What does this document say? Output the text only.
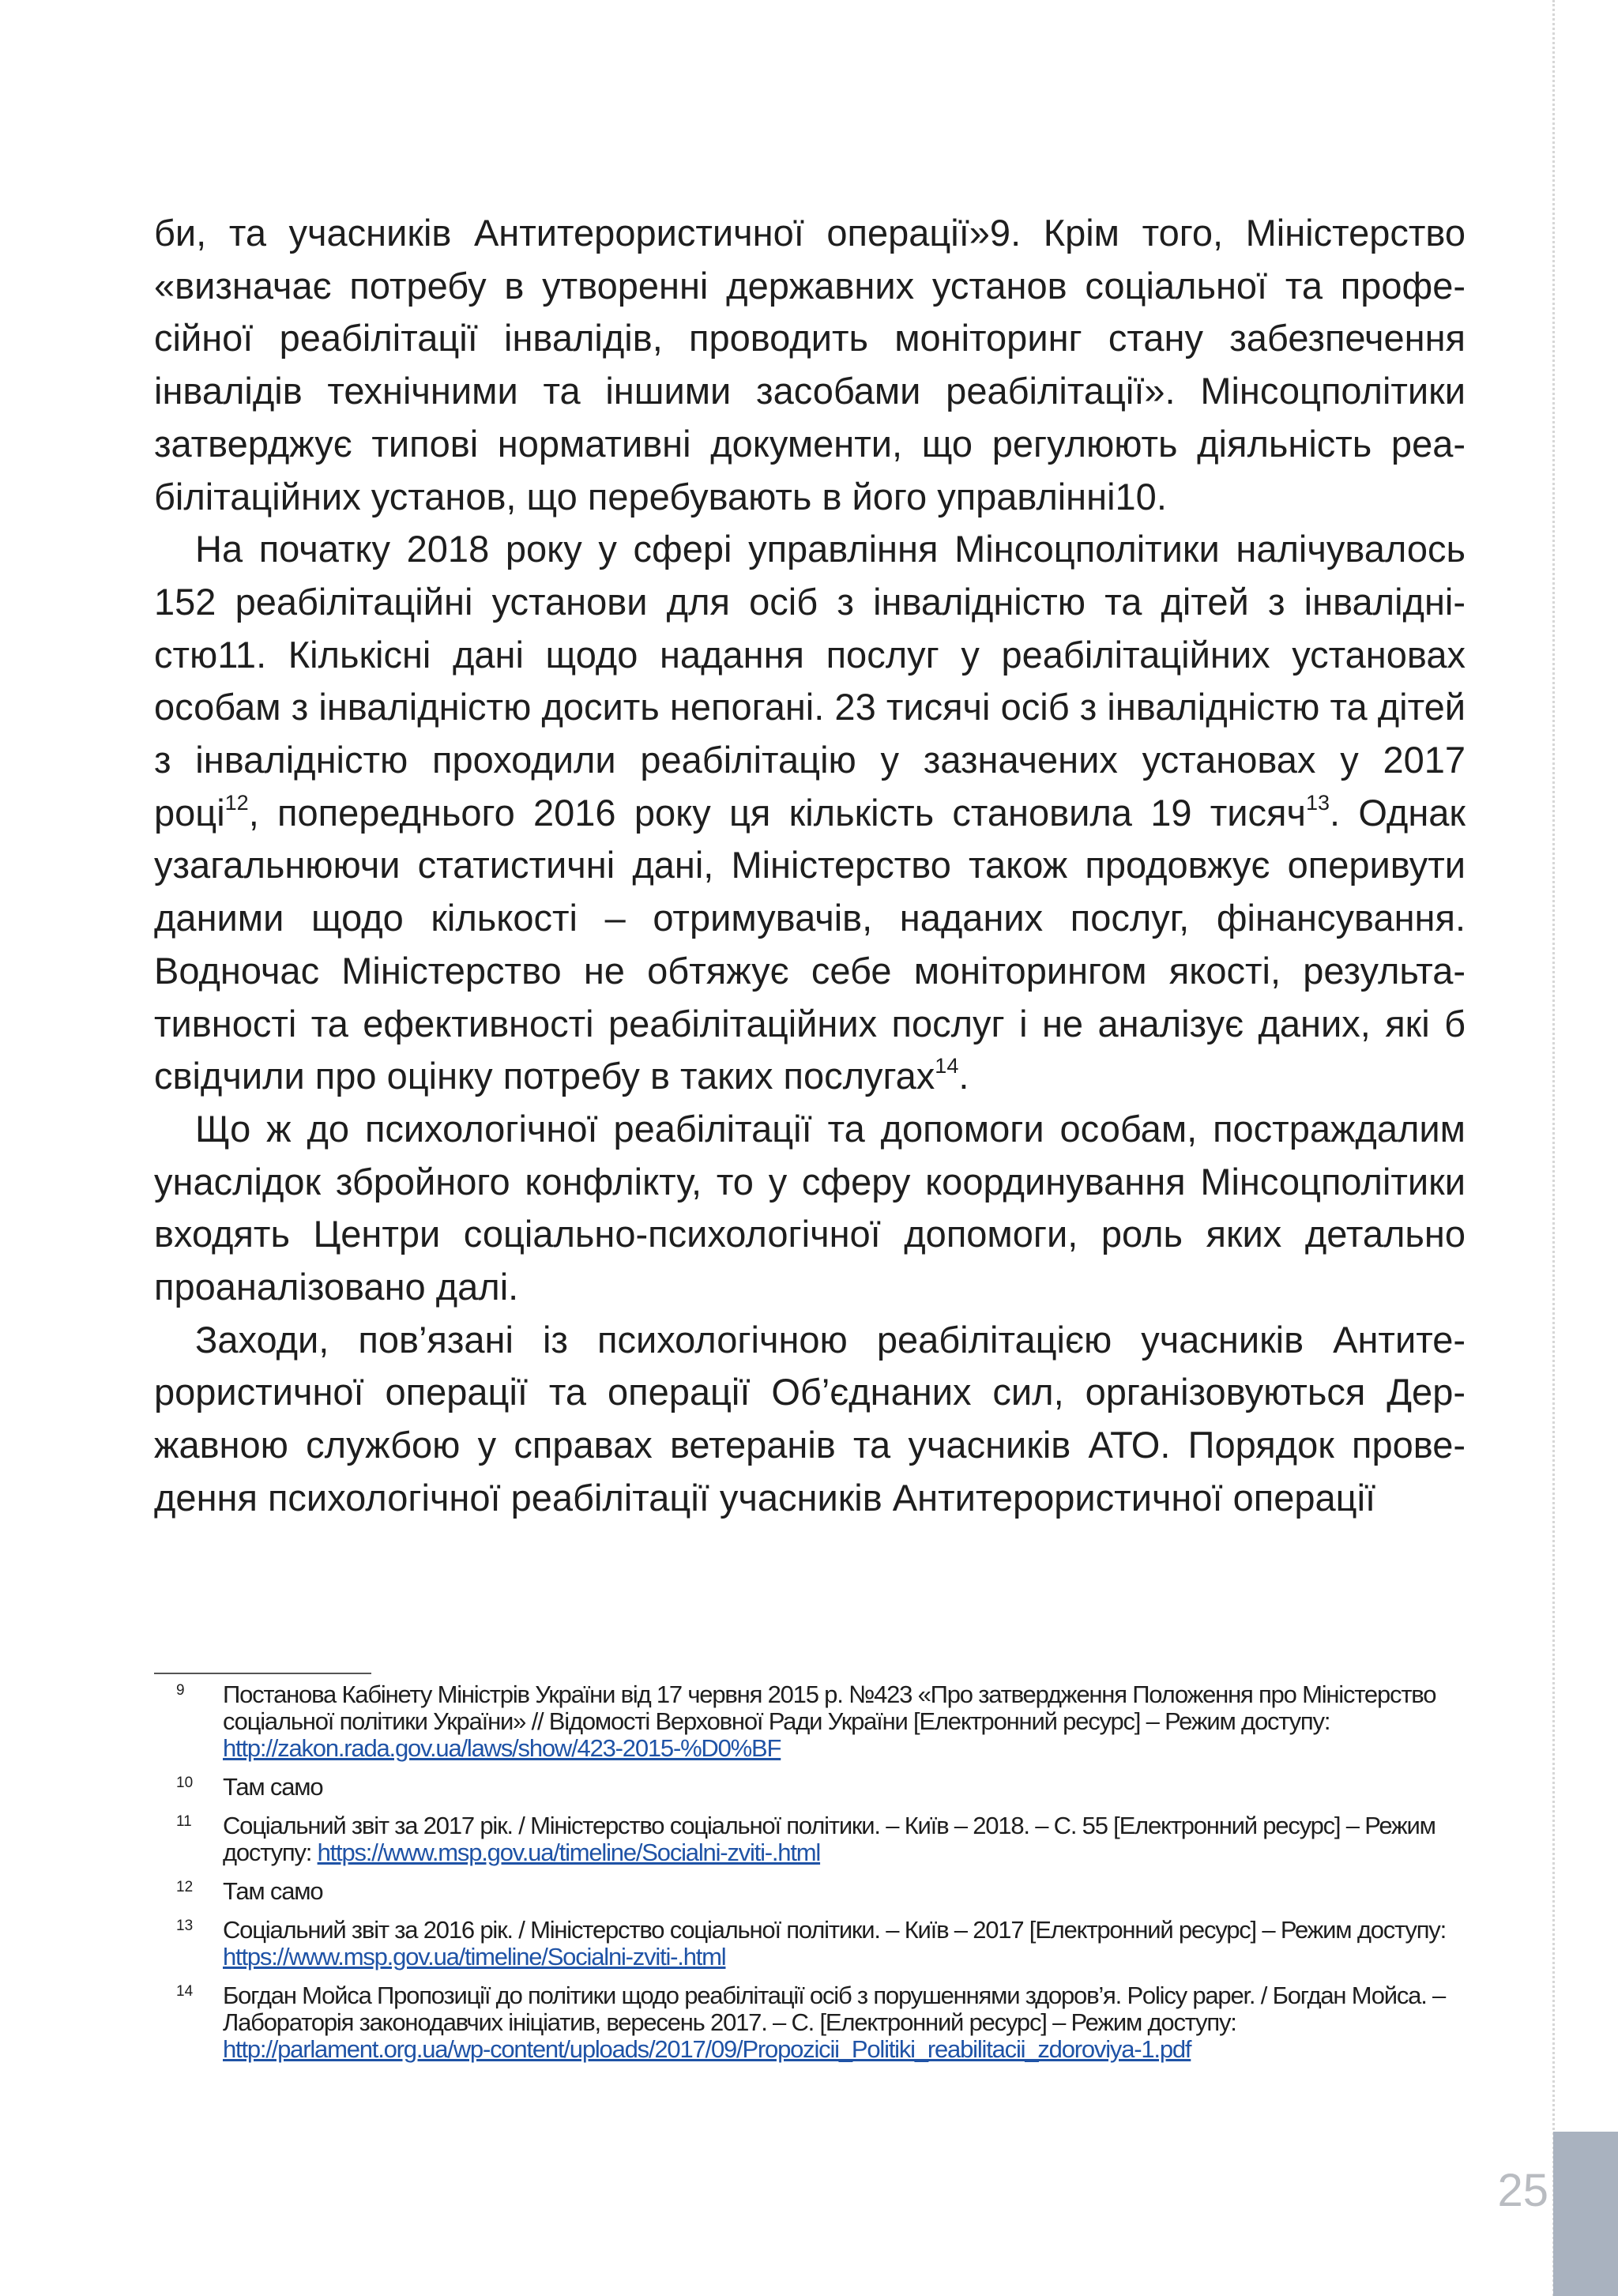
би, та учасників Антитерористичної операції»9. Крім того, Міністерство «визначає потребу в утворенні державних установ соціальної та професійної реабілітації інвалідів, проводить моніторинг стану забезпечення інвалідів технічними та іншими засобами реабілітації». Мінсоцполітики затверджує типові нормативні документи, що регулюють діяльність реабілітаційних установ, що перебувають в його управлінні10.

На початку 2018 року у сфері управління Мінсоцполітики налічувалось 152 реабілітаційні установи для осіб з інвалідністю та дітей з інвалідністю11. Кількісні дані щодо надання послуг у реабілітаційних установах особам з інвалідністю досить непогані. 23 тисячі осіб з інвалідністю та дітей з інвалідністю проходили реабілітацію у зазначених установах у 2017 році$^{12}$, попереднього 2016 року ця кількість становила 19 тисяч$^{13}$. Однак узагальнюючи статистичні дані, Міністерство також продовжує оперивути даними щодо кількості – отримувачів, наданих послуг, фінансування. Водночас Міністерство не обтяжує себе моніторингом якості, результативності та ефективності реабілітаційних послуг і не аналізує даних, які б свідчили про оцінку потребу в таких послугах$^{14}$.

Що ж до психологічної реабілітації та допомоги особам, постраждалим унаслідок збройного конфлікту, то у сферу координування Мінсоцполітики входять Центри соціально-психологічної допомоги, роль яких детально проаналізовано далі.

Заходи, пов’язані із психологічною реабілітацією учасників Антитерористичної операції та операції Об’єднаних сил, організовуються Державною службою у справах ветеранів та учасників АТО. Порядок проведення психологічної реабілітації учасників Антитерористичної операції

9	Постанова Кабінету Міністрів України від 17 червня 2015 р. №423 «Про затвердження Положення про Міністерство соціальної політики України» // Відомості Верховної Ради України [Електронний ресурс] – Режим доступу: http://zakon.rada.gov.ua/laws/show/423-2015-%D0%BF
10	Там само
11	Соціальний звіт за 2017 рік. / Міністерство соціальної політики. – Київ – 2018. – С. 55 [Електронний ресурс] – Режим доступу: https://www.msp.gov.ua/timeline/Socialni-zviti-.html
12	Там само
13	Соціальний звіт за 2016 рік. / Міністерство соціальної політики. – Київ – 2017 [Електронний ресурс] – Режим доступу: https://www.msp.gov.ua/timeline/Socialni-zviti-.html
14	Богдан Мойса Пропозиції до політики щодо реабілітації осіб з порушеннями здоров’я. Policy paper. / Богдан Мойса. – Лабораторія законодавчих ініціатив, вересень 2017. – С. [Електронний ресурс] – Режим доступу: http://parlament.org.ua/wp-content/uploads/2017/09/Propozicii_Politiki_reabilitacii_zdoroviya-1.pdf
25
